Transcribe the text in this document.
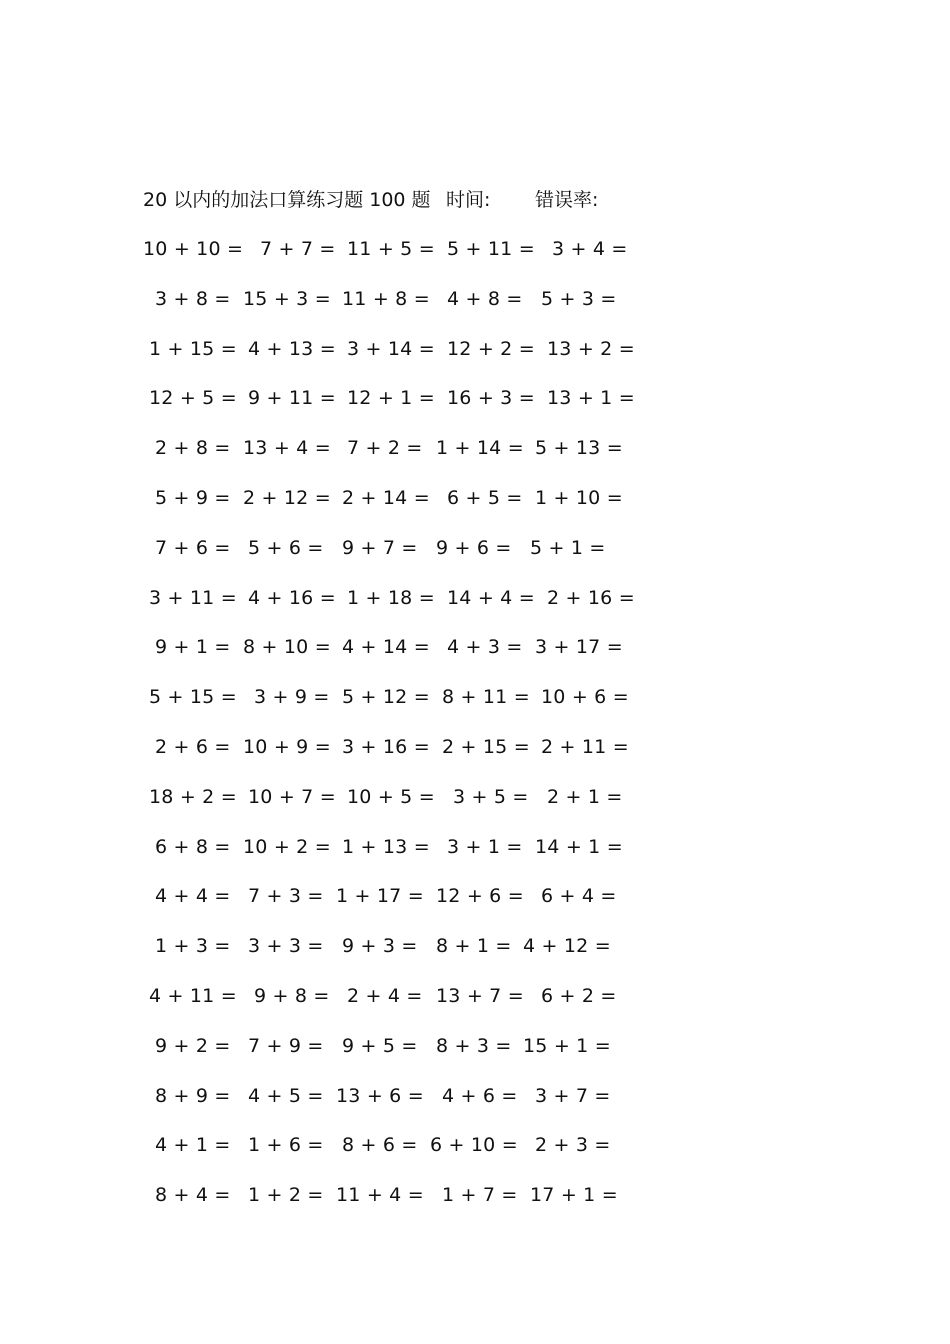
20 以内的加法口算练习题 100 题 时间: 错误率:
10 + 10 = 7 + 7 = 11 + 5 = 5 + 11 = 3 + 4 =
3 + 8 = 15 + 3 = 11 + 8 = 4 + 8 = 5 + 3 =
1 + 15 = 4 + 13 = 3 + 14 = 12 + 2 = 13 + 2 =
12 + 5 = 9 + 11 = 12 + 1 = 16 + 3 = 13 + 1 =
2 + 8 = 13 + 4 = 7 + 2 = 1 + 14 = 5 + 13 =
5 + 9 = 2 + 12 = 2 + 14 = 6 + 5 = 1 + 10 =
7 + 6 = 5 + 6 = 9 + 7 = 9 + 6 = 5 + 1 =
3 + 11 = 4 + 16 = 1 + 18 = 14 + 4 = 2 + 16 =
9 + 1 = 8 + 10 = 4 + 14 = 4 + 3 = 3 + 17 =
5 + 15 = 3 + 9 = 5 + 12 = 8 + 11 = 10 + 6 =
2 + 6 = 10 + 9 = 3 + 16 = 2 + 15 = 2 + 11 =
18 + 2 = 10 + 7 = 10 + 5 = 3 + 5 = 2 + 1 =
6 + 8 = 10 + 2 = 1 + 13 = 3 + 1 = 14 + 1 =
4 + 4 = 7 + 3 = 1 + 17 = 12 + 6 = 6 + 4 =
1 + 3 = 3 + 3 = 9 + 3 = 8 + 1 = 4 + 12 =
4 + 11 = 9 + 8 = 2 + 4 = 13 + 7 = 6 + 2 =
9 + 2 = 7 + 9 = 9 + 5 = 8 + 3 = 15 + 1 =
8 + 9 = 4 + 5 = 13 + 6 = 4 + 6 = 3 + 7 =
4 + 1 = 1 + 6 = 8 + 6 = 6 + 10 = 2 + 3 =
8 + 4 = 1 + 2 = 11 + 4 = 1 + 7 = 17 + 1 =
